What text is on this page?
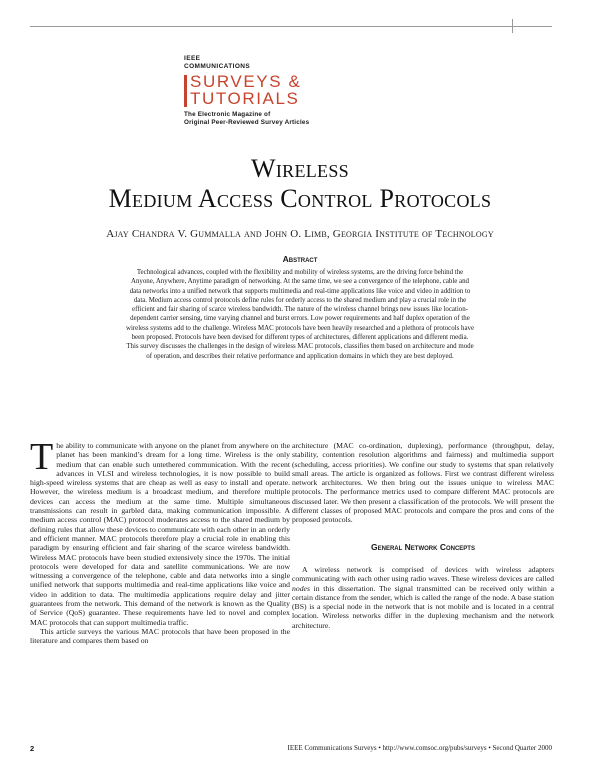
IEEE
COMMUNICATIONS
SURVEYS &
TUTORIALS
The Electronic Magazine of
Original Peer-Reviewed Survey Articles
Wireless
Medium Access Control Protocols
Ajay Chandra V. Gummalla and John O. Limb, Georgia Institute of Technology
Abstract
Technological advances, coupled with the flexibility and mobility of wireless systems, are the driving force behind the Anyone, Anywhere, Anytime paradigm of networking. At the same time, we see a convergence of the telephone, cable and data networks into a unified network that supports multimedia and real-time applications like voice and video in addition to data. Medium access control protocols define rules for orderly access to the shared medium and play a crucial role in the efficient and fair sharing of scarce wireless bandwidth. The nature of the wireless channel brings new issues like location-dependent carrier sensing, time varying channel and burst errors. Low power requirements and half duplex operation of the wireless systems add to the challenge. Wireless MAC protocols have been heavily researched and a plethora of protocols have been proposed. Protocols have been devised for different types of architectures, different applications and different media. This survey discusses the challenges in the design of wireless MAC protocols, classifies them based on architecture and mode of operation, and describes their relative performance and application domains in which they are best deployed.

The ability to communicate with anyone on the planet from anywhere on the planet has been mankind’s dream for a long time. Wireless is the only medium that can enable such untethered communication. With the recent advances in VLSI and wireless technologies, it is now possible to build high-speed wireless systems that are cheap as well as easy to install and operate. However, the wireless medium is a broadcast medium, and therefore multiple devices can access the medium at the same time. Multiple simultaneous transmissions can result in garbled data, making communication impossible. A medium access control (MAC) protocol moderates access to the shared medium by defining rules that allow these devices to communicate with each other in an orderly and efficient manner. MAC protocols therefore play a crucial role in enabling this paradigm by ensuring efficient and fair sharing of the scarce wireless bandwidth. Wireless MAC protocols have been studied extensively since the 1970s. The initial protocols were developed for data and satellite communications. We are now witnessing a convergence of the telephone, cable and data networks into a single unified network that supports multimedia and real-time applications like voice and video in addition to data. The multimedia applications require delay and jitter guarantees from the network. This demand of the network is known as the Quality of Service (QoS) guarantee. These requirements have led to novel and complex MAC protocols that can support multimedia traffic.

This article surveys the various MAC protocols that have been proposed in the literature and compares them based on

architecture (MAC co-ordination, duplexing), performance (throughput, delay, stability, contention resolution algorithms and fairness) and multimedia support (scheduling, access priorities). We confine our study to systems that span relatively small areas. The article is organized as follows. First we contrast different wireless network architectures. We then bring out the issues unique to wireless MAC protocols. The performance metrics used to compare different MAC protocols are discussed later. We then present a classification of the protocols. We will present the different classes of proposed MAC protocols and compare the pros and cons of the proposed protocols.

General Network Concepts

A wireless network is comprised of devices with wireless adapters communicating with each other using radio waves. These wireless devices are called nodes in this dissertation. The signal transmitted can be received only within a certain distance from the sender, which is called the range of the node. A base station (BS) is a special node in the network that is not mobile and is located in a central location. Wireless networks differ in the duplexing mechanism and the network architecture.

2	IEEE Communications Surveys • http://www.comsoc.org/pubs/surveys • Second Quarter 2000
